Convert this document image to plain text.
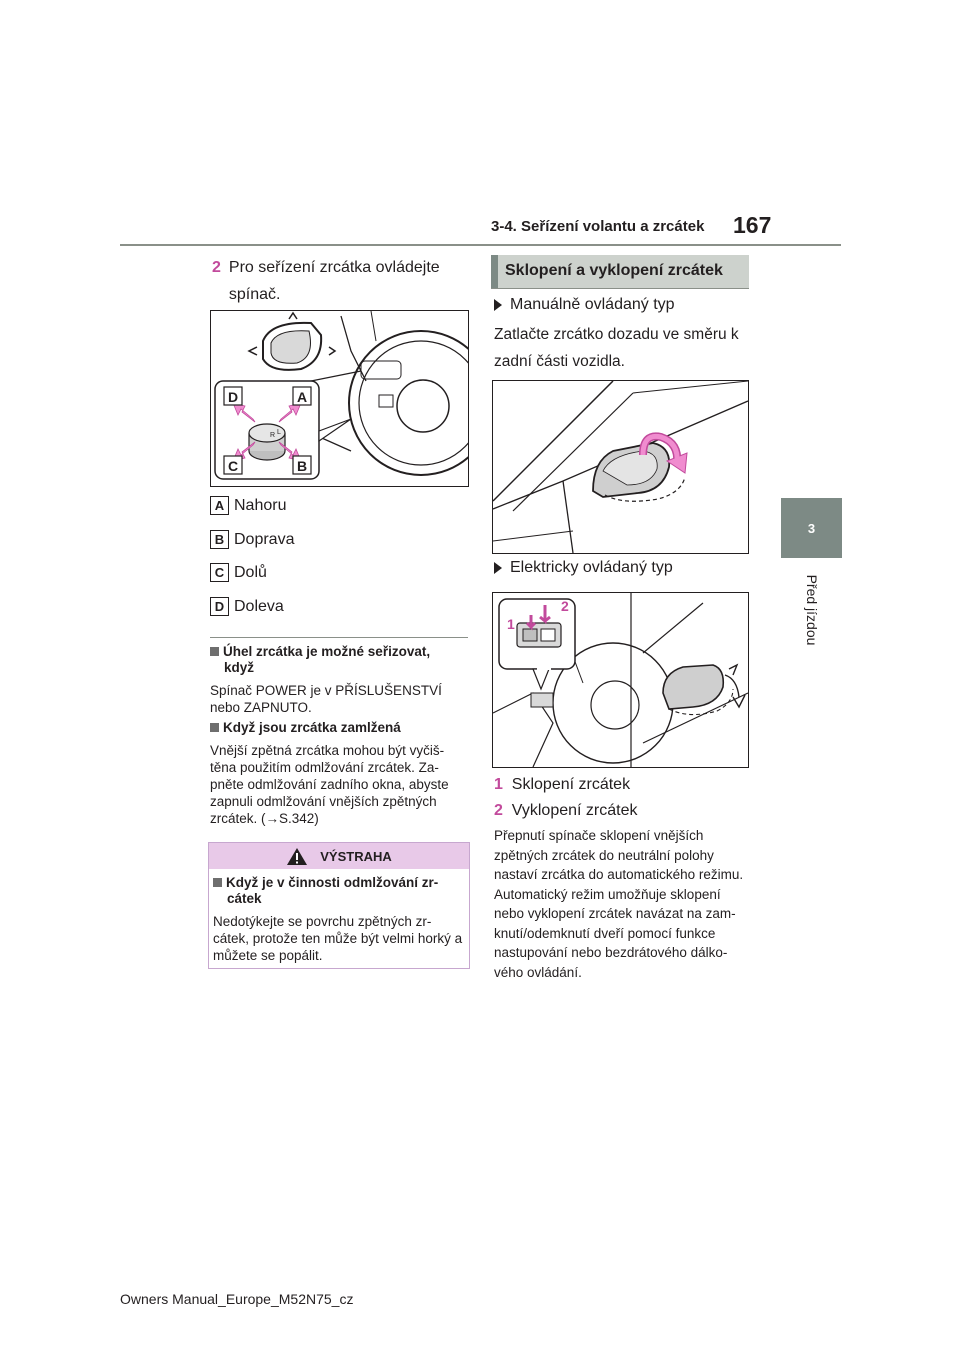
3-4. Seřízení volantu a zrcátek 167
3
Před jízdou
2 Pro seřízení zrcátka ovládejte spínač.
R L
D	A
C	B
A Nahoru
B Doprava
C Dolů
D Doleva
Úhel zrcátka je možné seřizovat, když
Spínač POWER je v PŘÍSLUŠENSTVÍ nebo ZAPNUTO.
Když jsou zrcátka zamlžená
Vnější zpětná zrcátka mohou být vyčiš- těna použitím odmlžování zrcátek. Za- pněte odmlžování zadního okna, abyste zapnuli odmlžování vnějších zpětných zrcátek. (→S.342)
VÝSTRAHA
Když je v činnosti odmlžování zr- cátek
Nedotýkejte se povrchu zpětných zr- cátek, protože ten může být velmi horký a můžete se popálit.
Sklopení a vyklopení zrcátek
Manuálně ovládaný typ
Zatlačte zrcátko dozadu ve směru k zadní části vozidla.
Elektricky ovládaný typ
1
2
1 Sklopení zrcátek
2 Vyklopení zrcátek
Přepnutí spínače sklopení vnějších zpětných zrcátek do neutrální polohy nastaví zrcátka do automatického režimu. Automatický režim umožňuje sklopení nebo vyklopení zrcátek navázat na zam- knutí/odemknutí dveří pomocí funkce nastupování nebo bezdrátového dálko- vého ovládání.
Owners Manual_Europe_M52N75_cz
